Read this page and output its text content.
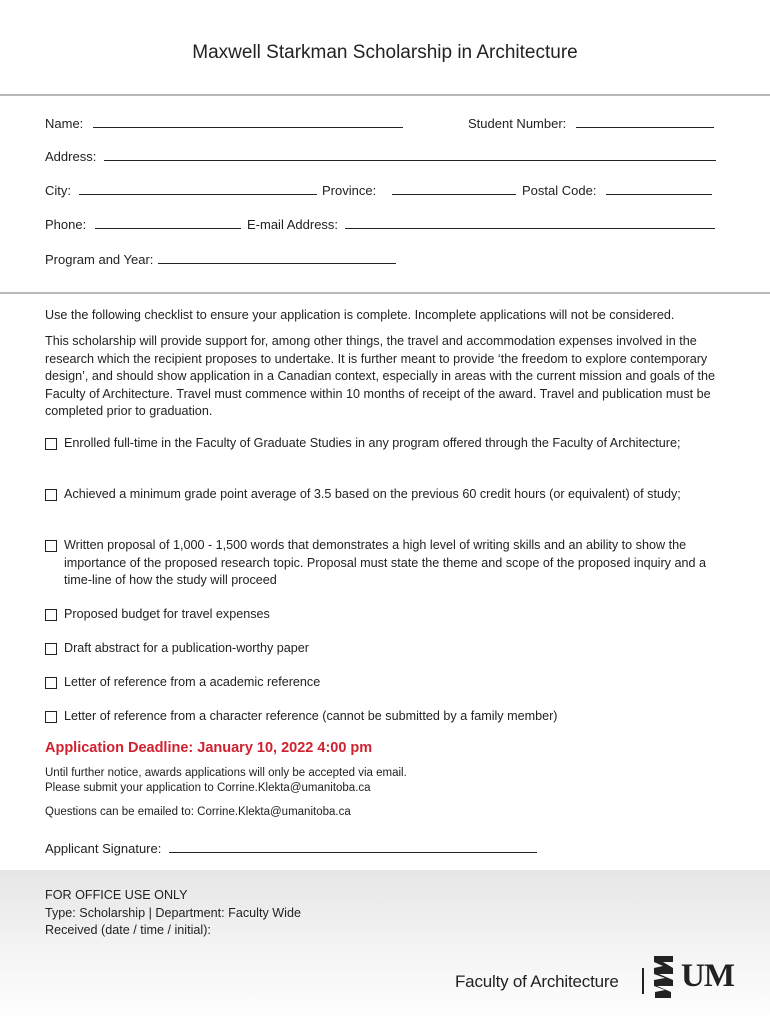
Maxwell Starkman Scholarship in Architecture
Name:	Student Number:
Address:
City:	Province:	Postal Code:
Phone:	E-mail Address:
Program and Year:
Use the following checklist to ensure your application is complete. Incomplete applications will not be considered.
This scholarship will provide support for, among other things, the travel and accommodation expenses involved in the research which the recipient proposes to undertake. It is further meant to provide ‘the freedom to explore contemporary design’, and should show application in a Canadian context, especially in areas with the current mission and goals of the Faculty of Architecture. Travel must commence within 10 months of receipt of the award. Travel and publication must be completed prior to graduation.
Enrolled full-time in the Faculty of Graduate Studies in any program offered through the Faculty of Architecture;
Achieved a minimum grade point average of 3.5 based on the previous 60 credit hours (or equivalent) of study;
Written proposal of 1,000 - 1,500 words that demonstrates a high level of writing skills and an ability to show the importance of the proposed research topic. Proposal must state the theme and scope of the proposed inquiry and a time-line of how the study will proceed
Proposed budget for travel expenses
Draft abstract for a publication-worthy paper
Letter of reference from a academic reference
Letter of reference from a character reference (cannot be submitted by a family member)
Application Deadline: January 10, 2022 4:00 pm
Until further notice, awards applications will only be accepted via email.
Please submit your application to Corrine.Klekta@umanitoba.ca
Questions can be emailed to: Corrine.Klekta@umanitoba.ca
Applicant Signature:
FOR OFFICE USE ONLY
Type: Scholarship | Department: Faculty Wide
Received (date / time / initial):
Faculty of Architecture UM
